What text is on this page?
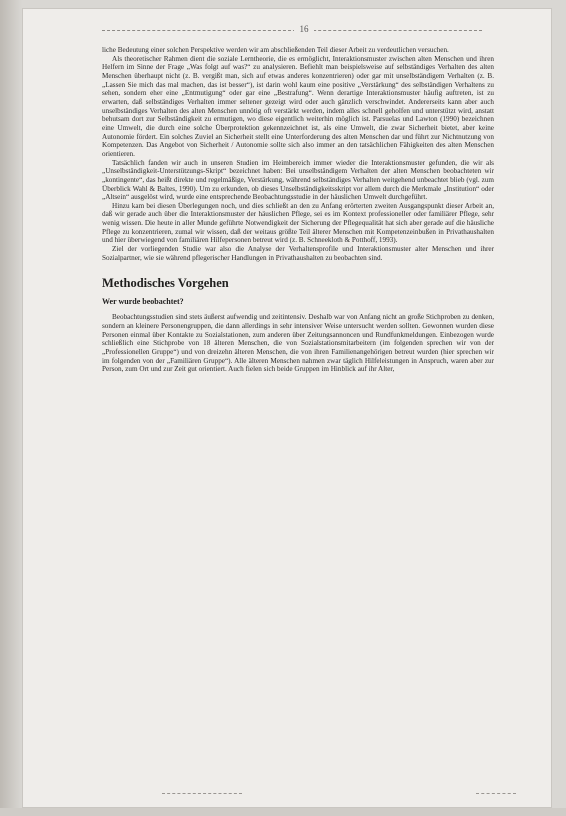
16

liche Bedeutung einer solchen Perspektive werden wir am abschließenden Teil dieser Arbeit zu verdeutlichen versuchen.

Als theoretischer Rahmen dient die soziale Lerntheorie, die es ermöglicht, Interaktionsmuster zwischen alten Menschen und ihren Helfern im Sinne der Frage „Was folgt auf was?“ zu analysieren. Befiehlt man beispielsweise auf selbständiges Verhalten des alten Menschen überhaupt nicht (z. B. vergißt man, sich auf etwas anderes konzentrieren) oder gar mit unselbständigem Verhalten (z. B. „Lassen Sie mich das mal machen, das ist besser“), ist darin wohl kaum eine positive „Verstärkung“ des selbständigen Verhaltens zu sehen, sondern eher eine „Entmutigung“ oder gar eine „Bestrafung“. Wenn derartige Interaktionsmuster häufig auftreten, ist zu erwarten, daß selbständiges Verhalten immer seltener gezeigt wird oder auch gänzlich verschwindet. Andererseits kann aber auch unselbständiges Verhalten des alten Menschen unnötig oft verstärkt werden, indem alles schnell geholfen und unterstützt wird, anstatt behutsam dort zur Selbständigkeit zu ermutigen, wo diese eigentlich weiterhin möglich ist. Parsuelas und Lawton (1990) bezeichnen eine Umwelt, die durch eine solche Überprotektion gekennzeichnet ist, als eine Umwelt, die zwar Sicherheit bietet, aber keine Autonomie fördert. Ein solches Zuviel an Sicherheit stellt eine Unterforderung des alten Menschen dar und führt zur Nichtnutzung von Kompetenzen. Das Angebot von Sicherheit / Autonomie sollte sich also immer an den tatsächlichen Fähigkeiten des alten Menschen orientieren.

Tatsächlich fanden wir auch in unseren Studien im Heimbereich immer wieder die Interaktionsmuster gefunden, die wir als „Unselbständigkeit-Unterstützungs-Skript“ bezeichnet haben: Bei unselbständigem Verhalten der alten Menschen beobachteten wir „kontingente“, das heißt direkte und regelmäßige, Verstärkung, während selbständiges Verhalten weitgehend unbeachtet blieb (vgl. zum Überblick Wahl & Baltes, 1990). Um zu erkunden, ob dieses Unselbständigkeitsskript vor allem durch die Merkmale „Institution“ oder „Altsein“ ausgelöst wird, wurde eine entsprechende Beobachtungsstudie in der häuslichen Umwelt durchgeführt.

Hinzu kam bei diesen Überlegungen noch, und dies schließt an den zu Anfang erörterten zweiten Ausgangspunkt dieser Arbeit an, daß wir gerade auch über die Interaktionsmuster der häuslichen Pflege, sei es im Kontext professioneller oder familiärer Pflege, sehr wenig wissen. Die heute in aller Munde geführte Notwendigkeit der Sicherung der Pflegequalität hat sich aber gerade auf die häusliche Pflege zu konzentrieren, zumal wir wissen, daß der weitaus größte Teil älterer Menschen mit Kompetenzeinbußen in Privathaushalten und hier überwiegend von familiären Hilfepersonen betreut wird (z. B. Schneekloth & Potthoff, 1993).

Ziel der vorliegenden Studie war also die Analyse der Verhaltensprofile und Interaktionsmuster alter Menschen und ihrer Sozialpartner, wie sie während pflegerischer Handlungen in Privathaushalten zu beobachten sind.

Methodisches Vorgehen
Wer wurde beobachtet?

Beobachtungsstudien sind stets äußerst aufwendig und zeitintensiv. Deshalb war von Anfang nicht an große Stichproben zu denken, sondern an kleinere Personengruppen, die dann allerdings in sehr intensiver Weise untersucht werden sollten. Gewonnen wurden diese Personen einmal über Kontakte zu Sozialstationen, zum anderen über Zeitungsannoncen und Rundfunkmeldungen. Einbezogen wurde schließlich eine Stichprobe von 18 älteren Menschen, die von Sozialstationsmitarbeitern (im folgenden sprechen wir von der „Professionellen Gruppe“) und von dreizehn älteren Menschen, die von ihren Familienangehörigen betreut wurden (hier sprechen wir im folgenden von der „Familiären Gruppe“). Alle älteren Menschen nahmen zwar täglich Hilfeleistungen in Anspruch, waren aber zur Person, zum Ort und zur Zeit gut orientiert. Auch fielen sich beide Gruppen im Hinblick auf ihr Alter,
